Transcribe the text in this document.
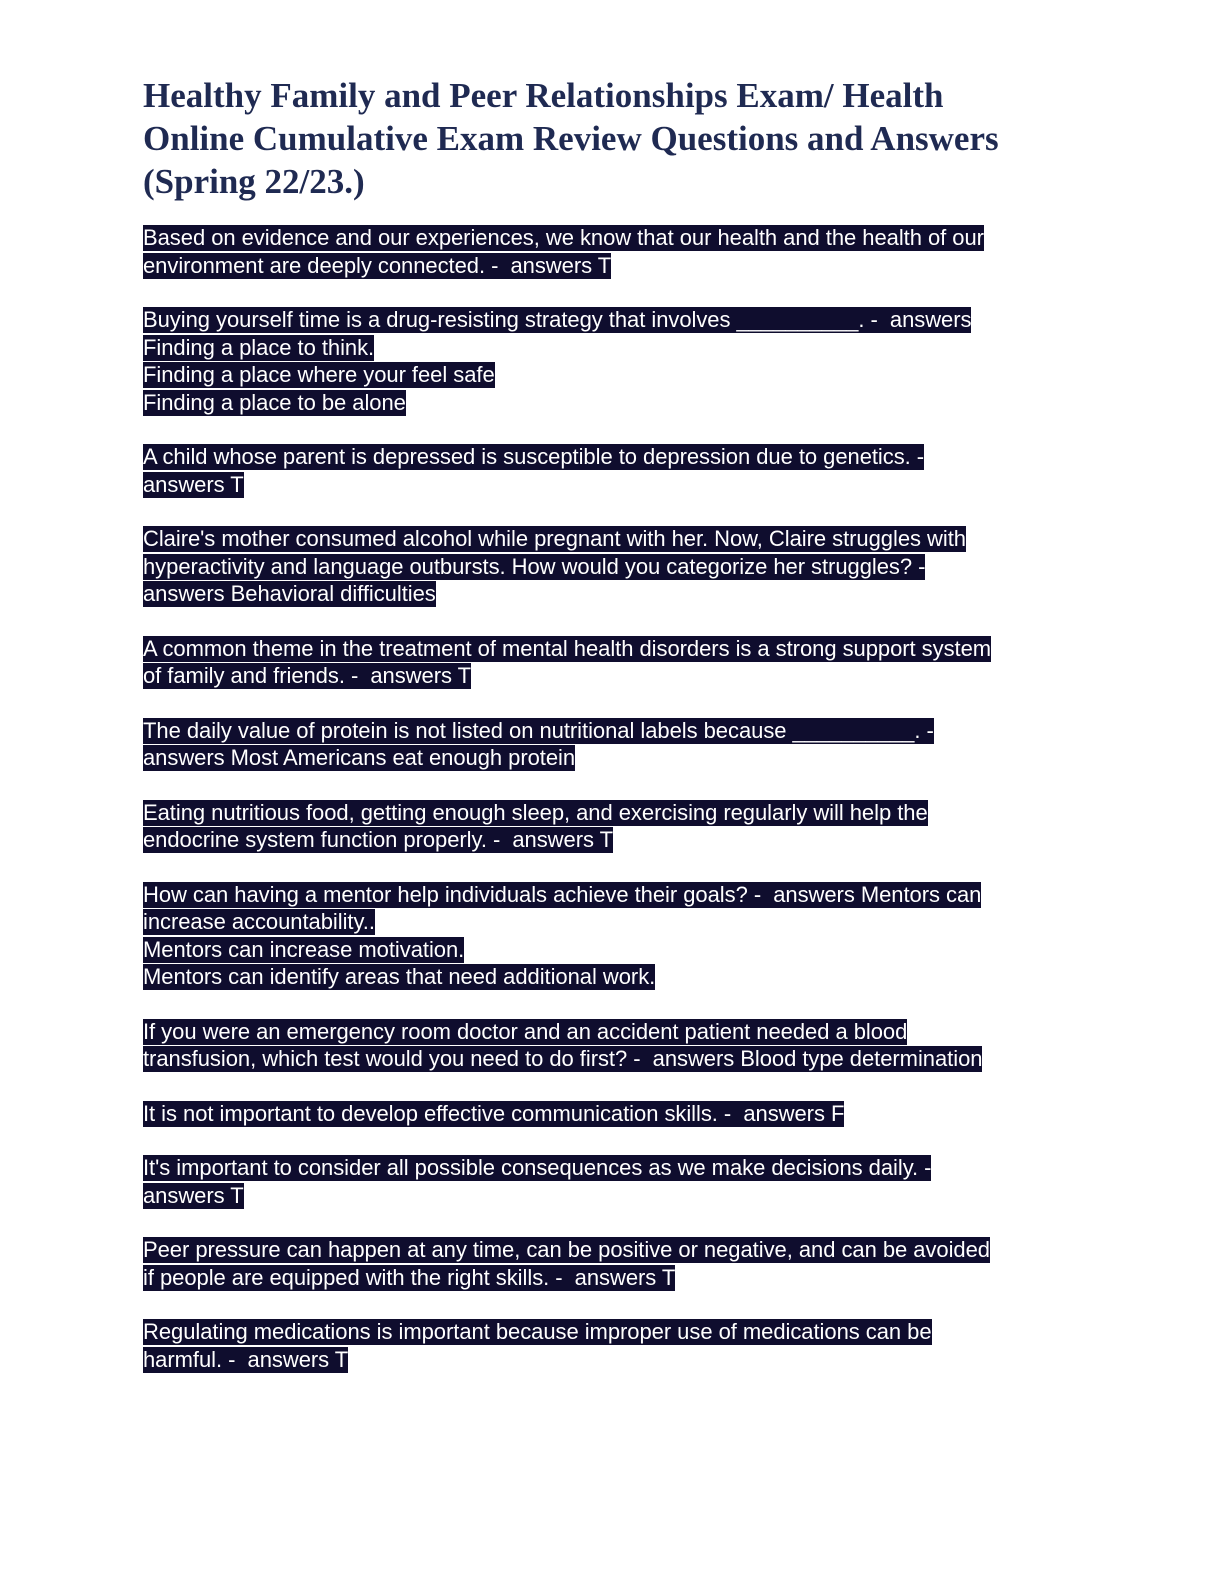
Healthy Family and Peer Relationships Exam/ Health
Online Cumulative Exam Review Questions and Answers
(Spring 22/23.)
Based on evidence and our experiences, we know that our health and the health of our
environment are deeply connected. -  answers T
Buying yourself time is a drug-resisting strategy that involves __________. -  answers
Finding a place to think.
Finding a place where your feel safe
Finding a place to be alone
A child whose parent is depressed is susceptible to depression due to genetics. -
answers T
Claire's mother consumed alcohol while pregnant with her. Now, Claire struggles with
hyperactivity and language outbursts. How would you categorize her struggles? -
answers Behavioral difficulties
A common theme in the treatment of mental health disorders is a strong support system
of family and friends. -  answers T
The daily value of protein is not listed on nutritional labels because __________. -
answers Most Americans eat enough protein
Eating nutritious food, getting enough sleep, and exercising regularly will help the
endocrine system function properly. -  answers T
How can having a mentor help individuals achieve their goals? -  answers Mentors can
increase accountability..
Mentors can increase motivation.
Mentors can identify areas that need additional work.
If you were an emergency room doctor and an accident patient needed a blood
transfusion, which test would you need to do first? -  answers Blood type determination
It is not important to develop effective communication skills. -  answers F
It's important to consider all possible consequences as we make decisions daily. -
answers T
Peer pressure can happen at any time, can be positive or negative, and can be avoided
if people are equipped with the right skills. -  answers T
Regulating medications is important because improper use of medications can be
harmful. -  answers T
